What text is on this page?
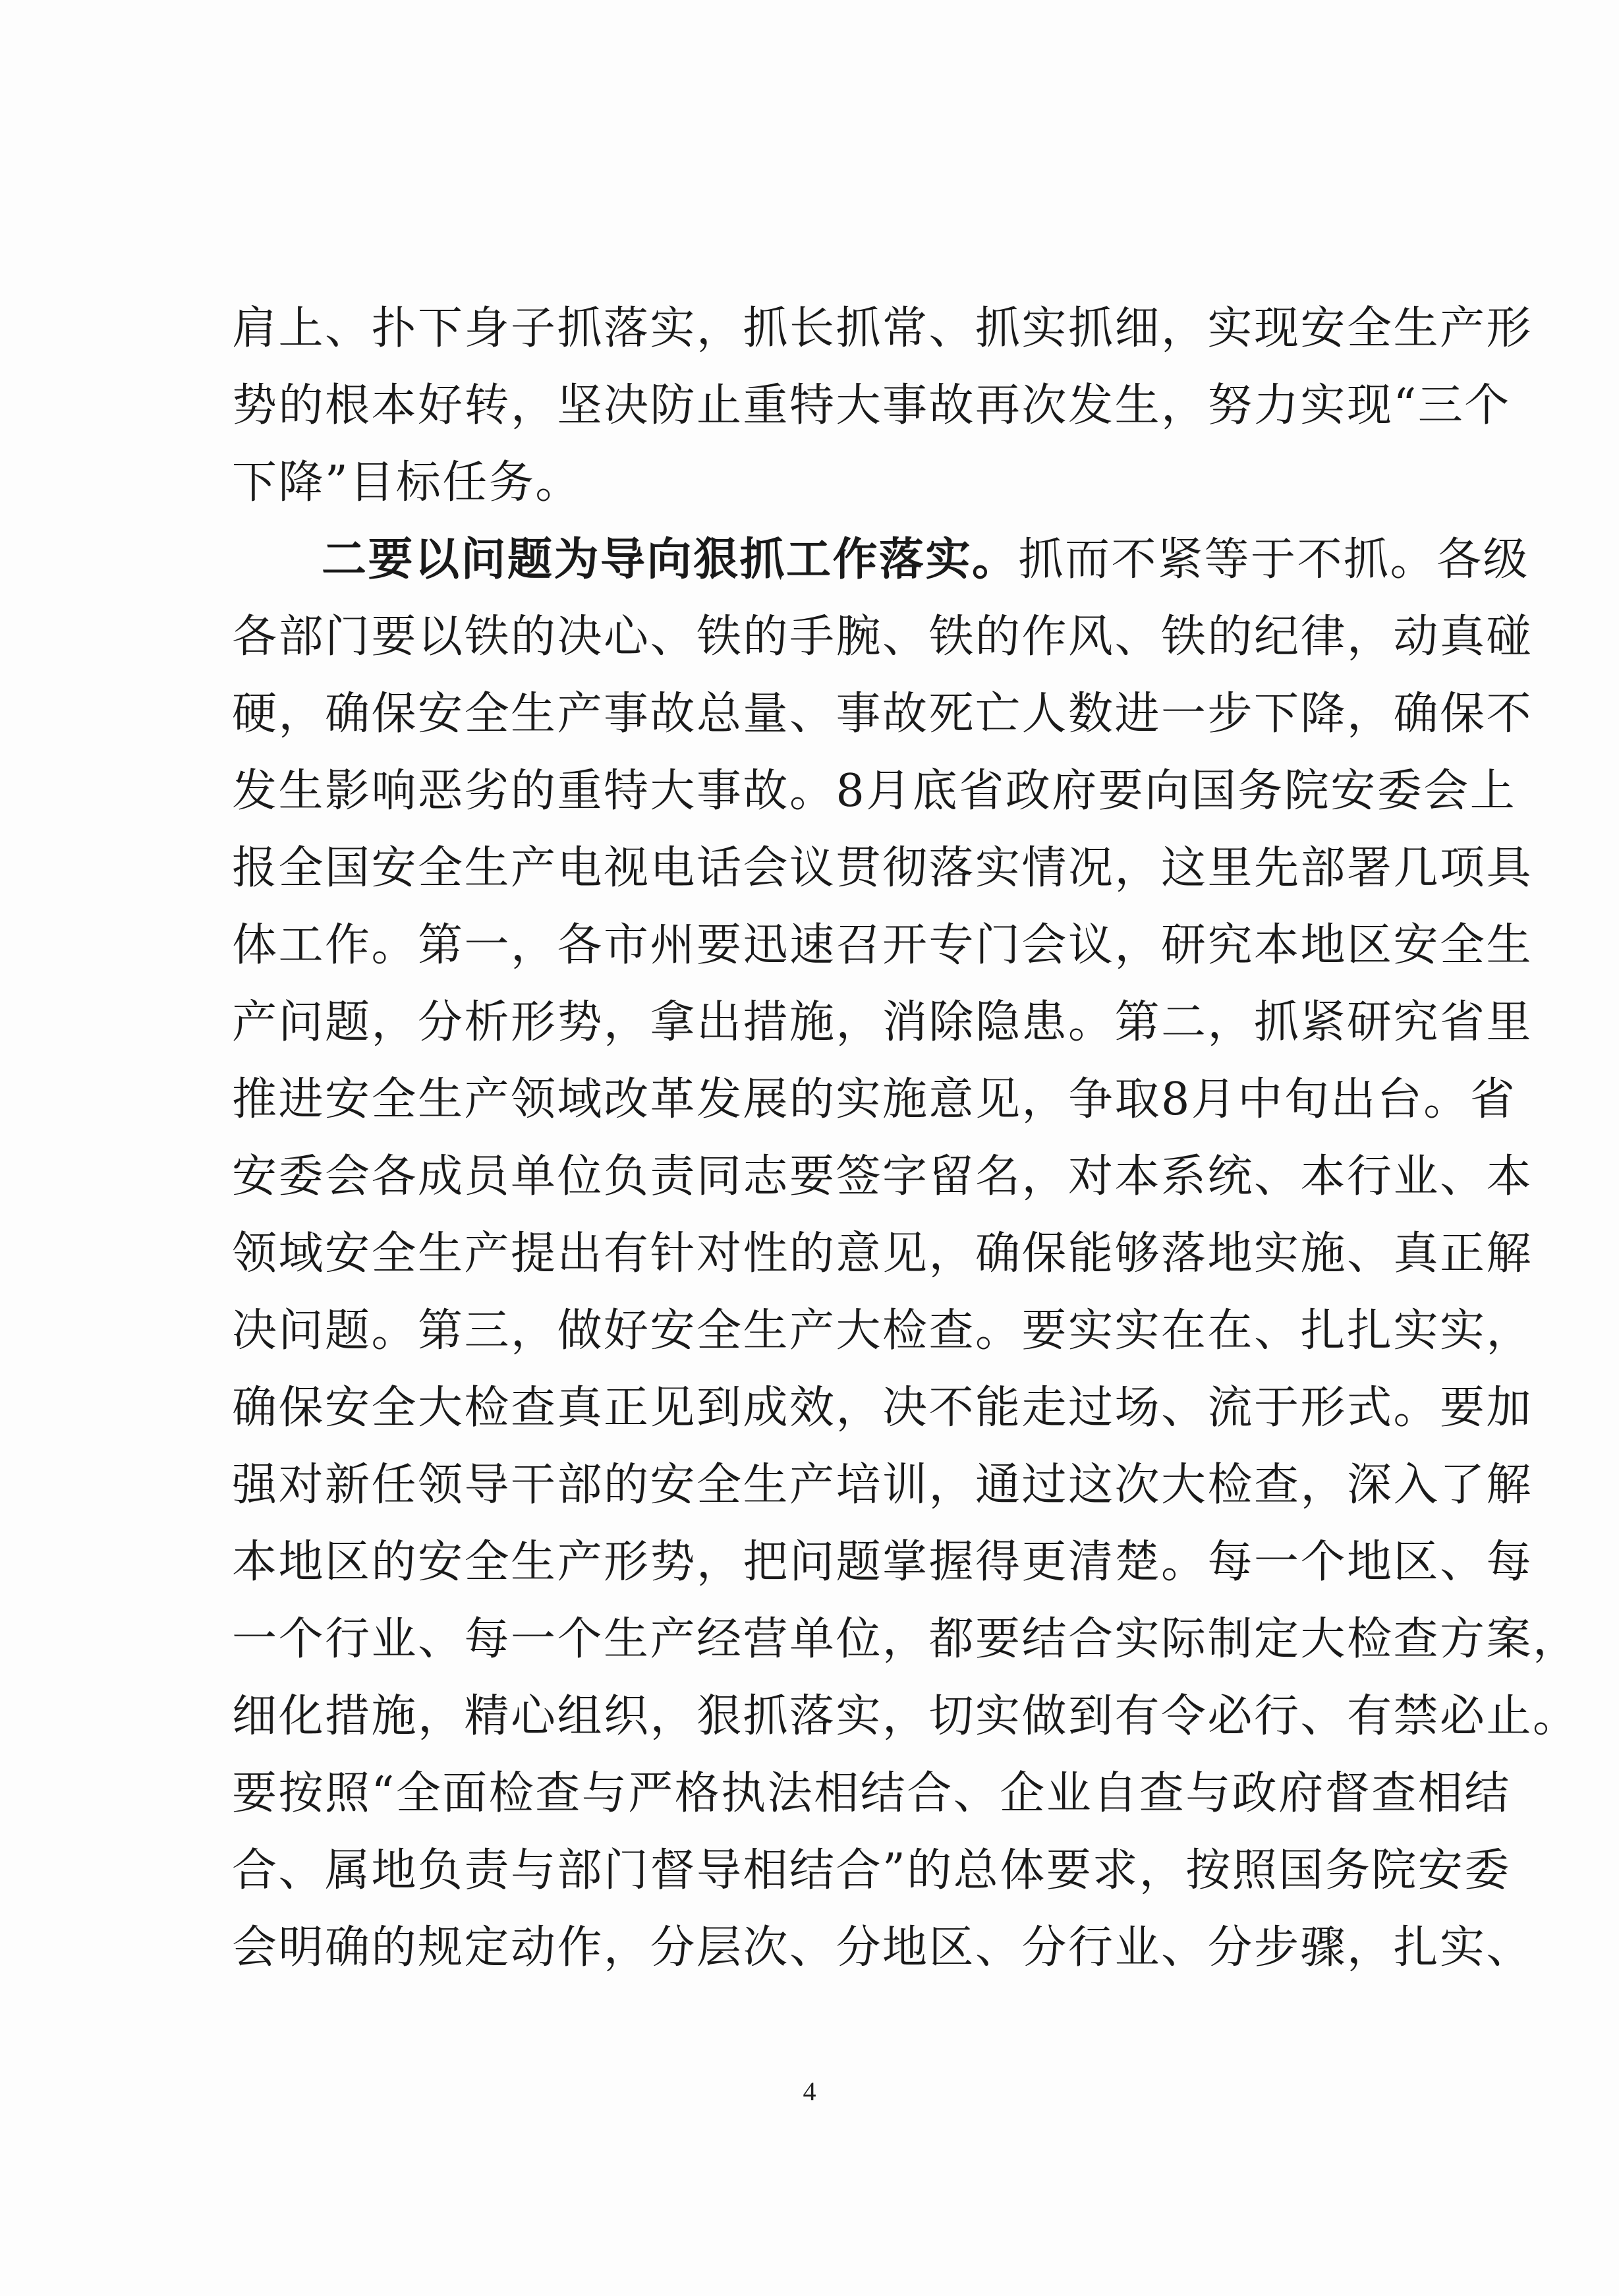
肩上、扑下身子抓落实，抓长抓常、抓实抓细，实现安全生产形
势的根本好转，坚决防止重特大事故再次发生，努力实现“三个
下降”目标任务。
二要以问题为导向狠抓工作落实。抓而不紧等于不抓。各级
各部门要以铁的决心、铁的手腕、铁的作风、铁的纪律，动真碰
硬，确保安全生产事故总量、事故死亡人数进一步下降，确保不
发生影响恶劣的重特大事故。8月底省政府要向国务院安委会上
报全国安全生产电视电话会议贯彻落实情况，这里先部署几项具
体工作。第一，各市州要迅速召开专门会议，研究本地区安全生
产问题，分析形势，拿出措施，消除隐患。第二，抓紧研究省里
推进安全生产领域改革发展的实施意见，争取8月中旬出台。省
安委会各成员单位负责同志要签字留名，对本系统、本行业、本
领域安全生产提出有针对性的意见，确保能够落地实施、真正解
决问题。第三，做好安全生产大检查。要实实在在、扎扎实实，
确保安全大检查真正见到成效，决不能走过场、流于形式。要加
强对新任领导干部的安全生产培训，通过这次大检查，深入了解
本地区的安全生产形势，把问题掌握得更清楚。每一个地区、每
一个行业、每一个生产经营单位，都要结合实际制定大检查方案，
细化措施，精心组织，狠抓落实，切实做到有令必行、有禁必止。
要按照“全面检查与严格执法相结合、企业自查与政府督查相结
合、属地负责与部门督导相结合”的总体要求，按照国务院安委
会明确的规定动作，分层次、分地区、分行业、分步骤，扎实、
4
